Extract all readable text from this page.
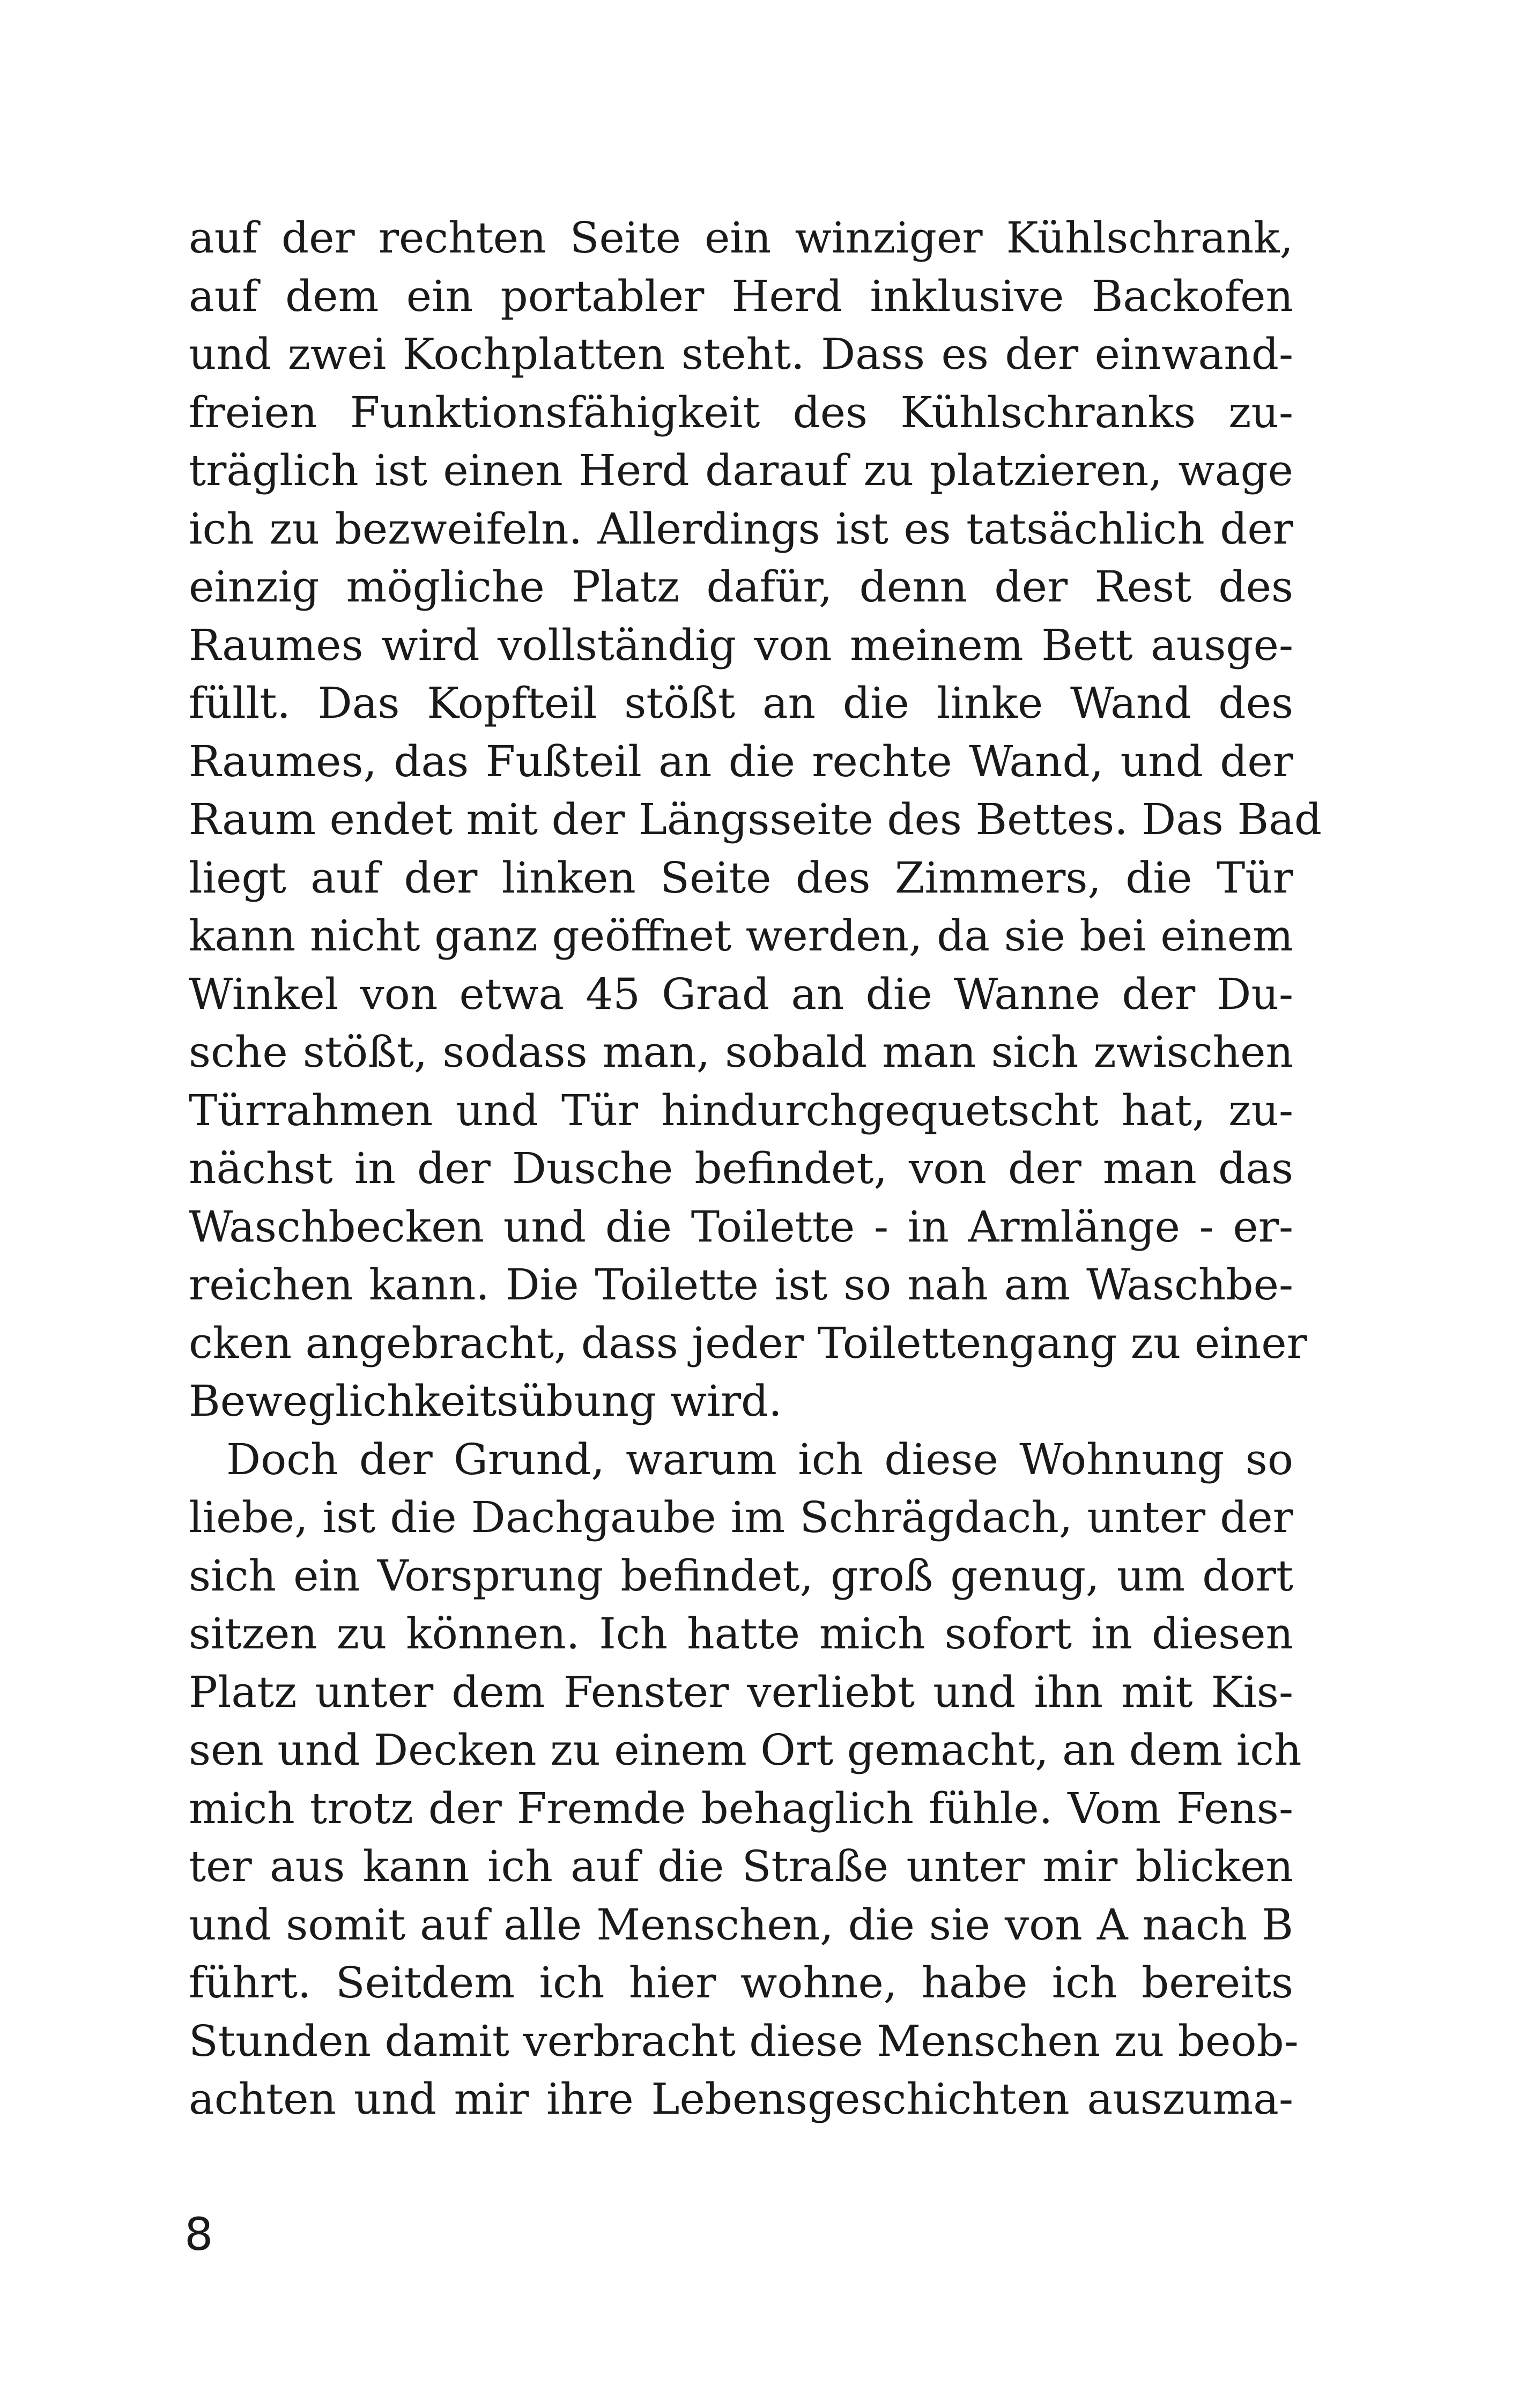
auf der rechten Seite ein winziger Kühlschrank,
auf dem ein portabler Herd inklusive Backofen
und zwei Kochplatten steht. Dass es der einwand-
freien Funktionsfähigkeit des Kühlschranks zu-
träglich ist einen Herd darauf zu platzieren, wage
ich zu bezweifeln. Allerdings ist es tatsächlich der
einzig mögliche Platz dafür, denn der Rest des
Raumes wird vollständig von meinem Bett ausge-
füllt. Das Kopfteil stößt an die linke Wand des
Raumes, das Fußteil an die rechte Wand, und der
Raum endet mit der Längsseite des Bettes. Das Bad
liegt auf der linken Seite des Zimmers, die Tür
kann nicht ganz geöffnet werden, da sie bei einem
Winkel von etwa 45 Grad an die Wanne der Du-
sche stößt, sodass man, sobald man sich zwischen
Türrahmen und Tür hindurchgequetscht hat, zu-
nächst in der Dusche befindet, von der man das
Waschbecken und die Toilette - in Armlänge - er-
reichen kann. Die Toilette ist so nah am Waschbe-
cken angebracht, dass jeder Toilettengang zu einer
Beweglichkeitsübung wird.
Doch der Grund, warum ich diese Wohnung so
liebe, ist die Dachgaube im Schrägdach, unter der
sich ein Vorsprung befindet, groß genug, um dort
sitzen zu können. Ich hatte mich sofort in diesen
Platz unter dem Fenster verliebt und ihn mit Kis-
sen und Decken zu einem Ort gemacht, an dem ich
mich trotz der Fremde behaglich fühle. Vom Fens-
ter aus kann ich auf die Straße unter mir blicken
und somit auf alle Menschen, die sie von A nach B
führt. Seitdem ich hier wohne, habe ich bereits
Stunden damit verbracht diese Menschen zu beob-
achten und mir ihre Lebensgeschichten auszuma-
8
